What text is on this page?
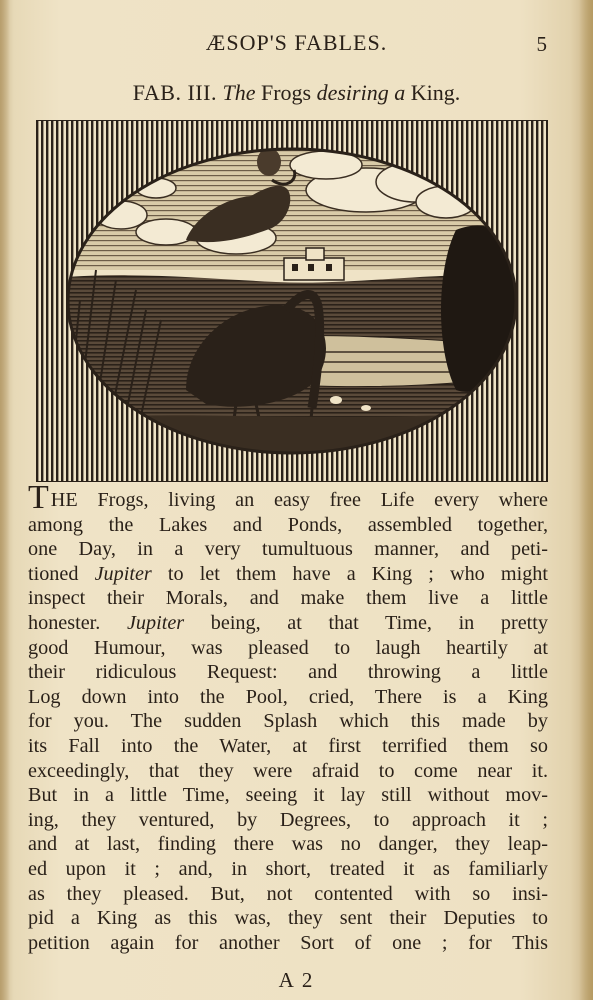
ÆSOP'S FABLES.	5
FAB. III. The Frogs desiring a King.
THE Frogs, living an easy free Life every where
among the Lakes and Ponds, assembled together,
one Day, in a very tumultuous manner, and peti-
tioned Jupiter to let them have a King ; who might
inspect their Morals, and make them live a little
honester. Jupiter being, at that Time, in pretty
good Humour, was pleased to laugh heartily at
their ridiculous Request: and throwing a little
Log down into the Pool, cried, There is a King
for you. The sudden Splash which this made by
its Fall into the Water, at first terrified them so
exceedingly, that they were afraid to come near it.
But in a little Time, seeing it lay still without mov-
ing, they ventured, by Degrees, to approach it ;
and at last, finding there was no danger, they leap-
ed upon it ; and, in short, treated it as familiarly
as they pleased. But, not contented with so insi-
pid a King as this was, they sent their Deputies to
petition again for another Sort of one ; for This
A 2
